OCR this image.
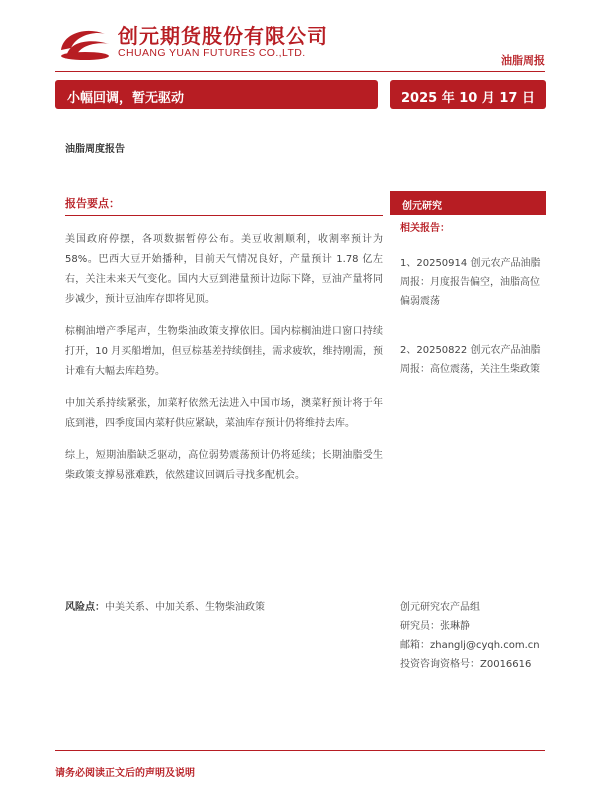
创元期货股份有限公司
CHUANG YUAN FUTURES CO.,LTD.
油脂周报
小幅回调，暂无驱动	2025 年 10 月 17 日
油脂周度报告
报告要点：

美国政府停摆，各项数据暂停公布。美豆收割顺利，收割率预计为58%。巴西大豆开始播种，目前天气情况良好，产量预计 1.78 亿左右，关注未来天气变化。国内大豆到港量预计边际下降，豆油产量将同步减少，预计豆油库存即将见顶。

棕榈油增产季尾声，生物柴油政策支撑依旧。国内棕榈油进口窗口持续打开，10 月买船增加，但豆棕基差持续倒挂，需求疲软，维持刚需，预计难有大幅去库趋势。

中加关系持续紧张，加菜籽依然无法进入中国市场，澳菜籽预计将于年底到港，四季度国内菜籽供应紧缺，菜油库存预计仍将维持去库。

综上，短期油脂缺乏驱动，高位弱势震荡预计仍将延续；长期油脂受生柴政策支撑易涨难跌，依然建议回调后寻找多配机会。

创元研究
相关报告：
1、20250914 创元农产品油脂周报：月度报告偏空，油脂高位偏弱震荡
2、20250822 创元农产品油脂周报：高位震荡，关注生柴政策
风险点：中美关系、中加关系、生物柴油政策	创元研究农产品组
研究员：张琳静
邮箱：zhanglj@cyqh.com.cn
投资咨询资格号：Z0016616
请务必阅读正文后的声明及说明
